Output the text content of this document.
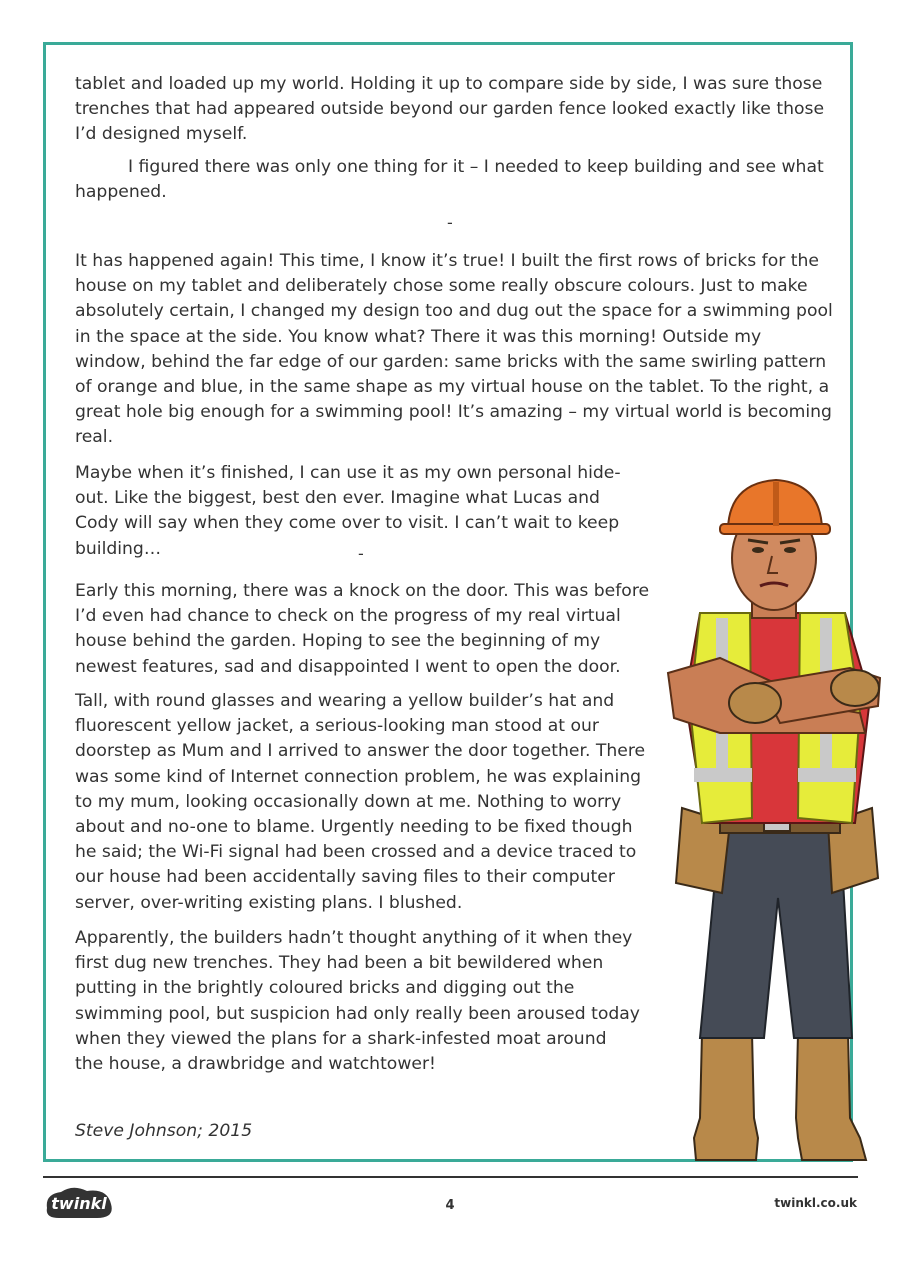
tablet and loaded up my world. Holding it up to compare side by side, I was sure those trenches that had appeared outside beyond our garden fence looked exactly like those I’d designed myself.

I figured there was only one thing for it – I needed to keep building and see what happened.

-

It has happened again! This time, I know it’s true! I built the first rows of bricks for the house on my tablet and deliberately chose some really obscure colours. Just to make absolutely certain, I changed my design too and dug out the space for a swimming pool in the space at the side. You know what? There it was this morning! Outside my window, behind the far edge of our garden: same bricks with the same swirling pattern of orange and blue, in the same shape as my virtual house on the tablet. To the right, a great hole big enough for a swimming pool! It’s amazing – my virtual world is becoming real.

Maybe when it’s finished, I can use it as my own personal hide-out. Like the biggest, best den ever. Imagine what Lucas and Cody will say when they come over to visit. I can’t wait to keep building…	-

Early this morning, there was a knock on the door. This was before I’d even had chance to check on the progress of my real virtual house behind the garden. Hoping to see the beginning of my newest features, sad and disappointed I went to open the door.

Tall, with round glasses and wearing a yellow builder’s hat and fluorescent yellow jacket, a serious-looking man stood at our doorstep as Mum and I arrived to answer the door together. There was some kind of Internet connection problem, he was explaining to my mum, looking occasionally down at me. Nothing to worry about and no-one to blame. Urgently needing to be fixed though he said; the Wi-Fi signal had been crossed and a device traced to our house had been accidentally saving files to their computer server, over-writing existing plans. I blushed.

Apparently, the builders hadn’t thought anything of it when they first dug new trenches. They had been a bit bewildered when putting in the brightly coloured bricks and digging out the swimming pool, but suspicion had only really been aroused today when they viewed the plans for a shark-infested moat around the house, a drawbridge and watchtower!

Steve Johnson; 2015
twinkl	4	twinkl.co.uk
